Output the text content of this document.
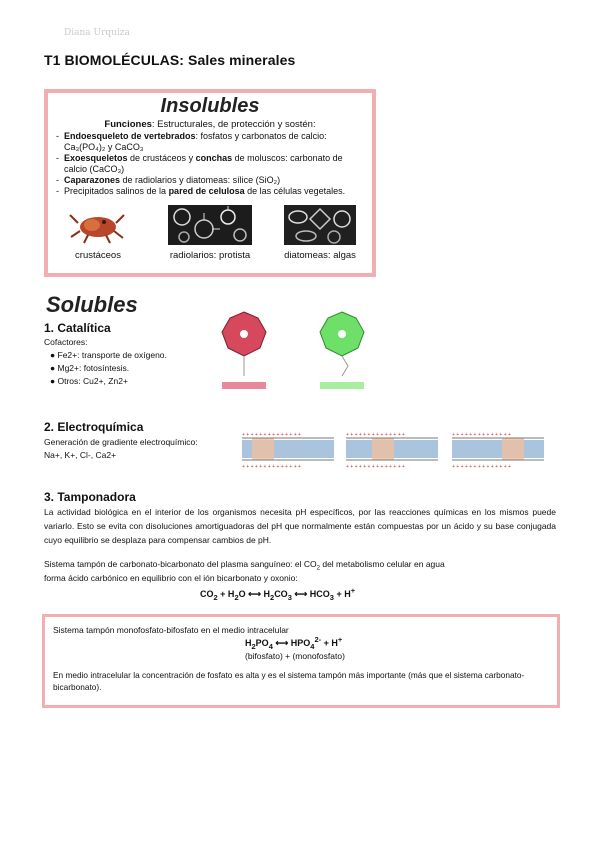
Diana Urquiza
T1 BIOMOLÉCULAS: Sales minerales
Insolubles
Funciones: Estructurales, de protección y sostén:
- Endoesqueleto de vertebrados: fosfatos y carbonatos de calcio: Ca₃(PO₄)₂ y CaCO₃
- Exoesqueletos de crustáceos y conchas de moluscos: carbonato de calcio (CaCO₃)
- Caparazones de radiolarios y diatomeas: sílice (SiO₂)
- Precipitados salinos de la pared de celulosa de las células vegetales.
crustáceos	radiolarios: protista	diatomeas: algas
Solubles
1. Catalítica
Cofactores:
● Fe2+: transporte de oxígeno.
● Mg2+: fotosíntesis.
● Otros: Cu2+, Zn2+
2. Electroquímica
Generación de gradiente electroquímico:
Na+, K+, Cl-, Ca2+
+ + + + + + + + + + + + + +
+ + + + + + + + + + + + + +
+ + + + + + + + + + + + + +
+ + + + + + + + + + + + + +
+ + + + + + + + + + + + + +
+ + + + + + + + + + + + + +
3. Tamponadora
La actividad biológica en el interior de los organismos necesita pH específicos, por las reacciones químicas en los mismos puede variarlo. Esto se evita con disoluciones amortiguadoras del pH que normalmente están compuestas por un ácido y su base conjugada cuyo equilibrio se desplaza para compensar cambios de pH.
Sistema tampón de carbonato-bicarbonato del plasma sanguíneo: el $CO_2$ del metabolismo celular en agua
forma ácido carbónico en equilibrio con el ión bicarbonato y oxonio:
$CO_2 + H_2O$ ⟷ $H_2CO_3$ ⟷ $HCO_3 + H^+$
Sistema tampón monofosfato-bifosfato en el medio intracelular
$H_2PO_4$ ⟷ $HPO_4^{2-} + H^+$
(bifosfato) + (monofosfato)
En medio intracelular la concentración de fosfato es alta y es el sistema tampón más importante (más que el sistema carbonato-bicarbonato).
